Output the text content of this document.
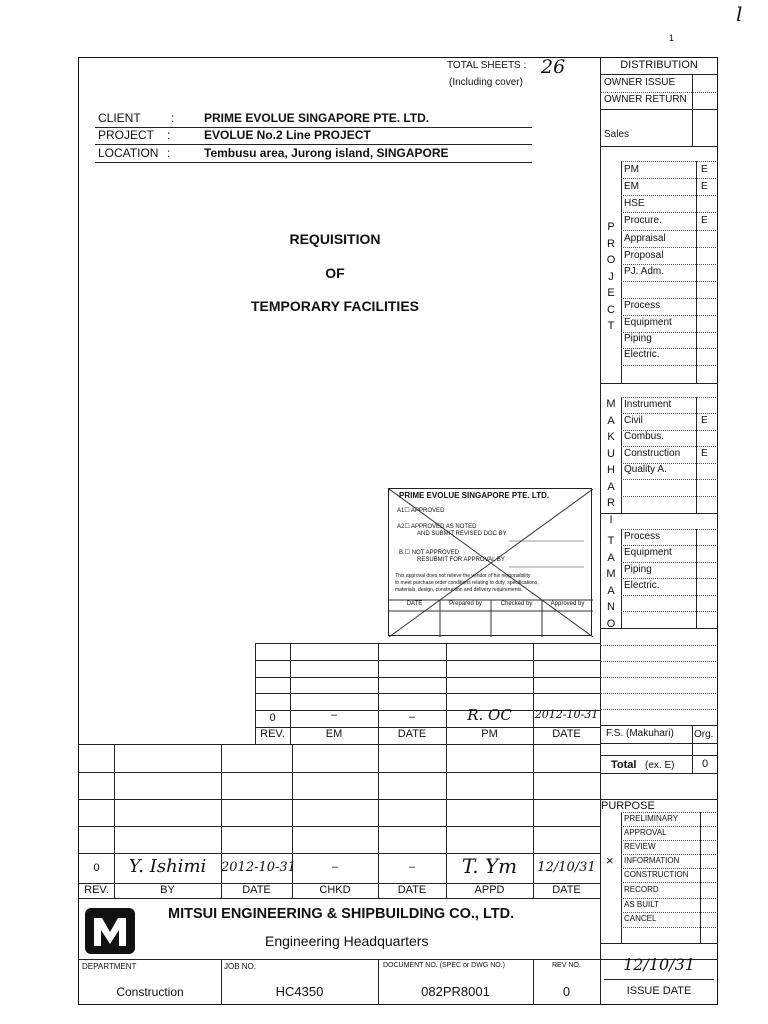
1
l
TOTAL SHEETS : 26
(Including cover)
CLIENT	: PRIME EVOLUE SINGAPORE PTE. LTD.
PROJECT :	EVOLUE No.2 Line PROJECT
LOCATION :	Tembusu area, Jurong island, SINGAPORE
REQUISITION
OF
TEMPORARY FACILITIES
PRIME EVOLUE SINGAPORE PTE. LTD.
A1☐ APPROVED
A2☐ APPROVED AS NOTED
AND SUBMIT REVISED DOC BY
B.☐ NOT APPROVED
RESUBMIT FOR APPROVAL BY
This approval does not relieve the vendor of his responsibility
to meet purchase order conditions relating to duty, specifications,
materials, design, construction and delivery requirements.
DATE	Prepared by	Checked by	Approved by
0	–	–	R. OC	2012-10-31
REV.	EM	DATE	PM	DATE
0	Y. Ishimi	2012-10-31	–	–	T. Ym	12/10/31
REV.	BY	DATE	CHKD	DATE	APPD	DATE
MITSUI ENGINEERING & SHIPBUILDING CO., LTD.
Engineering Headquarters
DEPARTMENT
Construction
JOB NO.
HC4350
DOCUMENT NO. (SPEC or DWG NO.)
082PR8001
REV NO.
0
DISTRIBUTION
OWNER ISSUE
OWNER RETURN
Sales
P
R
O
J
E
C
T
PM	E
EM	E
HSE
Procure.	E
Appraisal
Proposal
PJ. Adm.
Process
Equipment
Piping
Electric.
M
A
K
U
H
A
R
I
Instrument
Civil	E
Combus.
Construction E
Quality A.
T
A
M
A
N
O
Process
Equipment
Piping
Electric.
F.S. (Makuhari) Org.
Total (ex. E)	0
PURPOSE
PRELIMINARY
APPROVAL
REVIEW
× INFORMATION
CONSTRUCTION
RECORD
AS BUILT
CANCEL
12/10/31
ISSUE DATE
